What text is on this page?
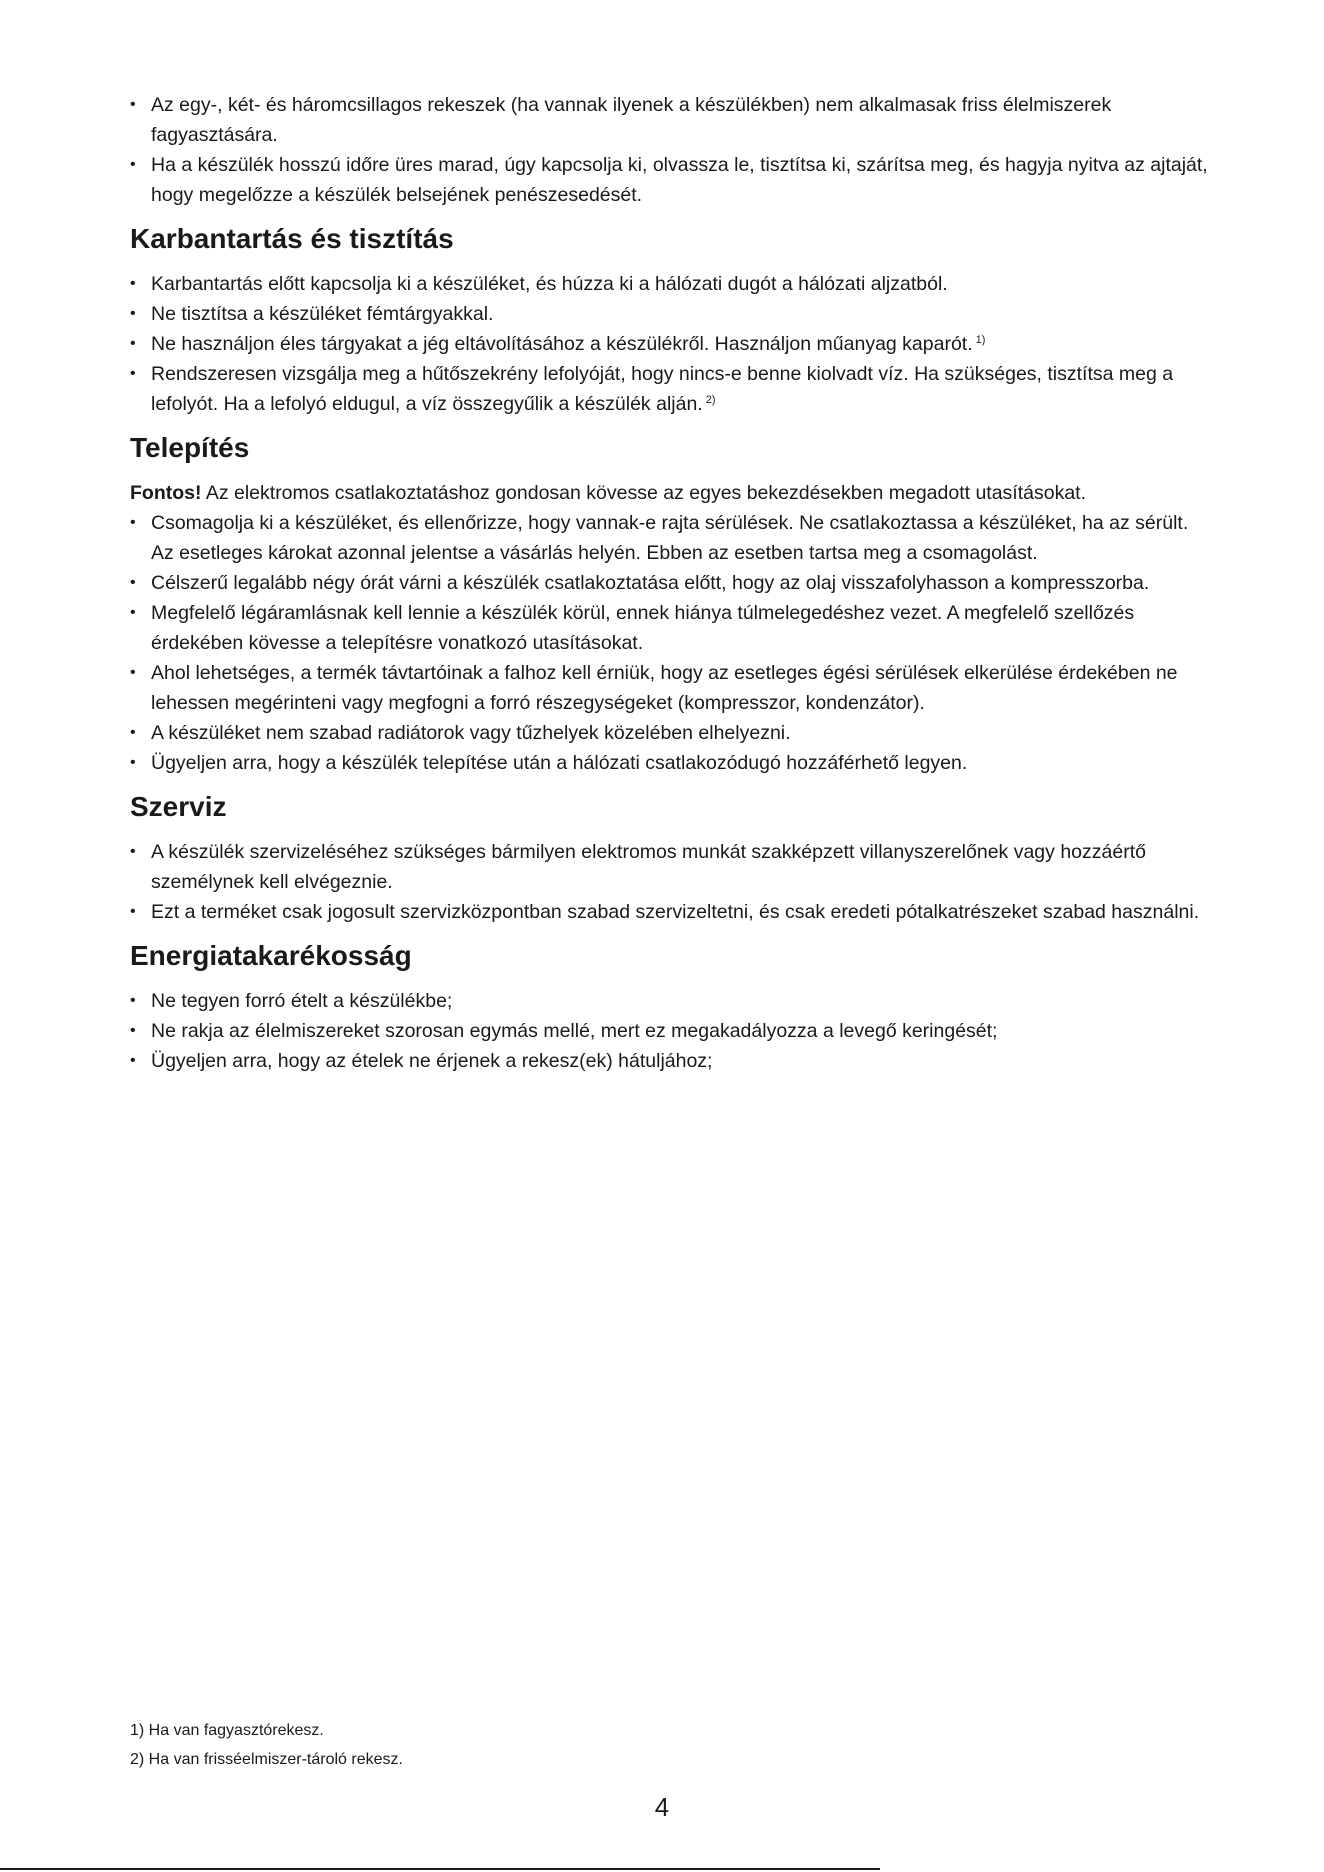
• Az egy-, két- és háromcsillagos rekeszek (ha vannak ilyenek a készülékben) nem alkalmasak friss élelmiszerek fagyasztására.
• Ha a készülék hosszú időre üres marad, úgy kapcsolja ki, olvassza le, tisztítsa ki, szárítsa meg, és hagyja nyitva az ajtaját, hogy megelőzze a készülék belsejének penészesedését.
Karbantartás és tisztítás
• Karbantartás előtt kapcsolja ki a készüléket, és húzza ki a hálózati dugót a hálózati aljzatból.
• Ne tisztítsa a készüléket fémtárgyakkal.
• Ne használjon éles tárgyakat a jég eltávolításához a készülékről. Használjon műanyag kaparót. $^{1)}$
• Rendszeresen vizsgálja meg a hűtőszekrény lefolyóját, hogy nincs-e benne kiolvadt víz. Ha szükséges, tisztítsa meg a lefolyót. Ha a lefolyó eldugul, a víz összegyűlik a készülék alján. $^{2)}$
Telepítés

Fontos! Az elektromos csatlakoztatáshoz gondosan kövesse az egyes bekezdésekben megadott utasításokat.

• Csomagolja ki a készüléket, és ellenőrizze, hogy vannak-e rajta sérülések. Ne csatlakoztassa a készüléket, ha az sérült. Az esetleges károkat azonnal jelentse a vásárlás helyén. Ebben az esetben tartsa meg a csomagolást.
• Célszerű legalább négy órát várni a készülék csatlakoztatása előtt, hogy az olaj visszafolyhasson a kompresszorba.
• Megfelelő légáramlásnak kell lennie a készülék körül, ennek hiánya túlmelegedéshez vezet. A megfelelő szellőzés érdekében kövesse a telepítésre vonatkozó utasításokat.
• Ahol lehetséges, a termék távtartóinak a falhoz kell érniük, hogy az esetleges égési sérülések elkerülése érdekében ne lehessen megérinteni vagy megfogni a forró részegységeket (kompresszor, kondenzátor).
• A készüléket nem szabad radiátorok vagy tűzhelyek közelében elhelyezni.
• Ügyeljen arra, hogy a készülék telepítése után a hálózati csatlakozódugó hozzáférhető legyen.
Szerviz
• A készülék szervizeléséhez szükséges bármilyen elektromos munkát szakképzett villanyszerelőnek vagy hozzáértő személynek kell elvégeznie.
• Ezt a terméket csak jogosult szervizközpontban szabad szervizeltetni, és csak eredeti pótalkatrészeket szabad használni.
Energiatakarékosság
• Ne tegyen forró ételt a készülékbe;
• Ne rakja az élelmiszereket szorosan egymás mellé, mert ez megakadályozza a levegő keringését;
• Ügyeljen arra, hogy az ételek ne érjenek a rekesz(ek) hátuljához;
1) Ha van fagyasztórekesz.
2) Ha van frisséelmiszer-tároló rekesz.
4
